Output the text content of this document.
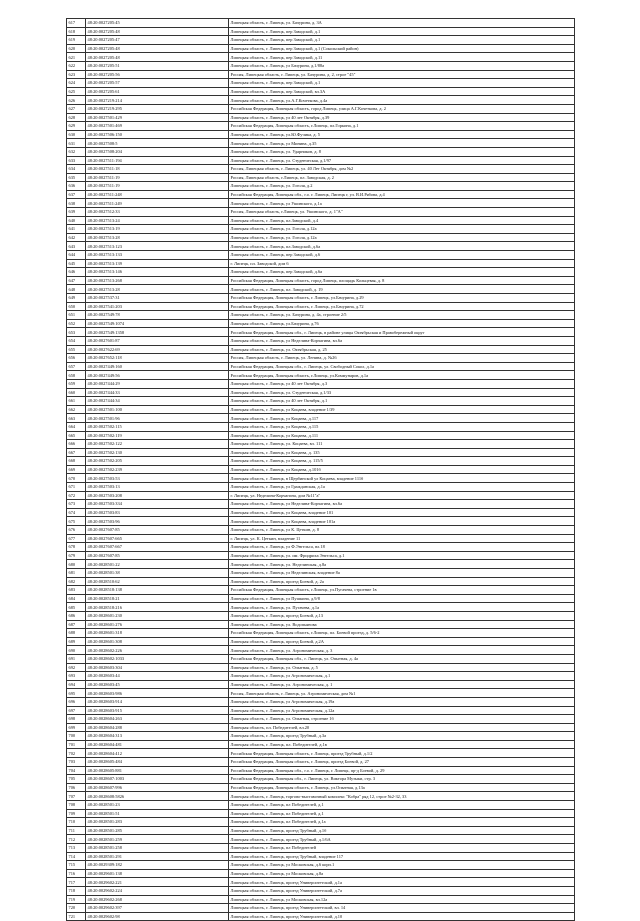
617	48:20:0027205:45	Липецкая область, г. Липецк, ул. Бачурина, д. 3А
618	48:20:0027205:48	Липецкая область, г. Липецк, пер Заводской, д.1
619	48:20:0027205:47	Липецкая область, г. Липецк, пер Заводской, д.1
620	48:20:0027205:48	Липецкая область, г. Липецк, пер Заводской, д.1 (Сокольский район)
621	48:20:0027205:48	Липецкая область, г. Липецк, пер Заводской, д.11
622	48:20:0027205:51	Липецкая область, г. Липецк, ул Бачурина, д.1/88а
623	48:20:0027205:56	Россия, Липецкая область, г. Липецк, ул. Бачурина, д. 2, строе "45"
624	48:20:0027205:57	Липецкая область, г. Липецк, пер Заводской, д.1
625	48:20:0027205:61	Липецкая область, г. Липецк, пер Заводской, вл.3А
626	48:20:0027219:214	Липецкая область, г. Липецк, ул.А.Г.Кочеткова, д.4а
627	48:20:0027219:295	Российская Федерация, Липецкая область, город Липецк, улица А.Г.Кочеткова, д. 2
628	48:20:0027501:429	Липецкая область, г. Липецк, ул 40 лет Октября, д.39
629	48:20:0027501:469	Российская Федерация, Липецкая область, г.Липецк, пл.Горкина, д.1
630	48:20:0027506:150	Липецкая область, г. Липецк, ул.Ю.Фучика, д. 5
631	48:20:0027508:5	Липецкая область, г. Липецк, ул Минина, д.35
632	48:20:0027508:204	Липецкая область, г. Липецк, ул. Ударников, д. 8
633	48:20:0027511:194	Липецкая область, г. Липецк, ул. Студенческая, д.1/97
634	48:20:0027511:18	Россия, Липецкая область, г. Липецк, ул. 40 Лет Октября, дом №2
635	48:20:0027511:19	Россия, Липецкая область, г.Липецк, пл. Заводская, д. 2
636	48:20:0027511:19	Липецкая область, г. Липецк, ул. Гоголя, д.2
637	48:20:0027511:248	Российская Федерация, Липецкая обл., г.о. г. Липецк, Липецк г, ул. В.И.Рябова, д.4
638	48:20:0027511:249	Липецкая область, г. Липецк, ул Ушинского, д.1а
639	48:20:0027512:33	Россия, Липецкая область, г.Липецк, ул. Ушинского, д. 1"А"
640	48:20:0027513:24	Липецкая область, г. Липецк, пл.Заводской, д.4
641	48:20:0027513:19	Липецкая область, г. Липецк, ул. Гоголя, д.12а
642	48:20:0027513:28	Липецкая область, г. Липецк, ул. Гоголя, д.12а
643	48:20:0027513:123	Липецкая область, г. Липецк, пл.Заводской, д.6а
644	48:20:0027513:133	Липецкая область, г. Липецк, пер Заводской, д.6
645	48:20:0027513:139	г. Липецк, пл. Заводской, дом 6
646	48:20:0027513:146	Липецкая область, г. Липецк, пер Заводской, д.6а
647	48:20:0027513:268	Российская Федерация, Липецкая область, город Липецк, площадь Кольцевая, д. 8
648	48:20:0027513:28	Липецкая область, г. Липецк, пл. Заводской, д. 19
649	48:20:0027537:31	Российская Федерация, Липецкая область, г. Липецк, ул.Бачурина, д.29
650	48:20:0027541:203	Российская Федерация, Липецкая область, г. Липецк, ул.Бачурина, д.72
651	48:20:0027549:78	Липецкая область, г. Липецк, ул. Бачурина, д. 4а, строение 2/5
652	48:20:0027549:1074	Липецкая область, г. Липецк, ул.Бачурина, д.76
653	48:20:0027549:1358	Российская Федерация, Липецкая обл., г. Липецк, в районе улицы Октябрьская и Правобережный округ
654	48:20:0027601:87	Липецкая область, г. Липецк, ул Неделина-Корчагина, вл.6а
655	48:20:0027622:69	Липецкая область, г. Липецк, ул. Октябрьская, д. 25
656	48:20:0027652:118	Россия, Липецкая область, г. Липецк, ул. Ленина, д. №26
657	48:20:0027449:160	Российская Федерация, Липецкая обл., г. Липецк, ул. Свободный Сокол, д.1а
658	48:20:0027449:56	Российская Федерация, Липецкая область, г.Липецк, ул.Коммунаров, д.1а
659	48:20:0027444:29	Липецкая область, г. Липецк, ул 40 лет Октября, д.3
660	48:20:0027444:33	Липецкая область, г. Липецк, ул. Студенческая, д.1/33
661	48:20:0027444:34	Липецкая область, г. Липецк, ул 40 лет Октября, д.1
662	48:20:0027501:100	Липецкая область, г. Липецк, ул Коцаева, владение 1/39
663	48:20:0027501:96	Липецкая область, г. Липецк, ул Коцаева, д.117
664	48:20:0027502:115	Липецкая область, г. Липецк, ул Коцаева, д.115
665	48:20:0027502:119	Липецкая область, г. Липецк, ул Коцаева, д.111
666	48:20:0027502:122	Липецкая область, г. Липецк, ул. Коцаева, вл. 111
667	48:20:0027502:130	Липецкая область, г. Липецк, ул Коцаева, д. 135
668	48:20:0027502:205	Липецкая область, г. Липецк, ул Коцаева, д. 115/5
669	48:20:0027502:239	Липецкая область, г. Липецк, ул Коцаева, д.101б
670	48:20:0027503:53	Липецкая область, г. Липецк, в Щербинской ул Коцаева, владение 111б
671	48:20:0027503:13	Липецкая область, г. Липецк, ул Гражданская, д.1а
672	48:20:0027503:208	г. Липецк, ул. Неделина-Корчагина, дом №11"а"
673	48:20:0027503:334	Липецкая область, г. Липецк, ул Неделина-Корчагина, вл.6а
674	48:20:0027503:83	Липецкая область, г. Липецк, ул Коцаева, владение 101
675	48:20:0027503:96	Липецкая область, г. Липецк, ул Коцаева, владение 101а
676	48:20:0027607:85	Липецкая область, г. Липецк, ул К. Цеткин, д. 8
677	48:20:0027607:665	г. Липецк, ул. К. Цеткин, владение 11
678	48:20:0027607:667	Липецкая область, г. Липецк, ул Ф.Энгельса, вл.18
679	48:20:0027607:85	Липецкая область, г. Липецк, ул. им. Фридриха Энгельса, д.1
680	48:20:0028501:22	Липецкая область, г. Липецк, ул. Неделинская, д.8а
681	48:20:0028501:38	Липецкая область, г. Липецк, ул Неделинская, владение 8а
682	48:20:0028510:62	Липецкая область, г. Липецк, проезд Боевой, д. 2а
683	48:20:0028518:138	Российская Федерация, Липецкая область, г.Липецк, ул.Пугачева, строение 1в
684	48:20:0028518:21	Липецкая область, г. Липецк, ул Пушкина, д.9/8
685	48:20:0028518:216	Липецкая область, г. Липецк, ул. Пугачева, д.1а
686	48:20:0028601:230	Липецкая область, г. Липецк, проезд Боевой, д.13
687	48:20:0028601:276	Липецкая область, г. Липецк, ул. Водопьянова
688	48:20:0028601:318	Российская Федерация, Липецкая область, г.Липецк, пл. Боевой проезд, д. 5/6-2
689	48:20:0028601:308	Липецкая область, г. Липецк, проезд Боевой, д.2А
690	48:20:0028602:226	Липецкая область, г. Липецк, ул. Агрономическая, д. 3
691	48:20:0028602:1033	Российская Федерация, Липецкая обл., г. Липецк, ул. Опытная, д. 4а
692	48:20:0028603:304	Липецкая область, г. Липецк, ул. Опытная, д. 5
693	48:20:0028603:44	Липецкая область, г. Липецк, ул Агрономическая, д.1
694	48:20:0028603:45	Липецкая область, г. Липецк, ул. Агрономическая, д. 1
695	48:20:0028603:986	Россия, Липецкая область, г. Липецк, ул. Агрономическая, дом №1
696	48:20:0028603:914	Липецкая область, г. Липецк, ул Агрономическая, д.19а
697	48:20:0028603:915	Липецкая область, г. Липецк, ул Агрономическая, д.12а
698	48:20:0028604:263	Липецкая область, г. Липецк, ул. Опытная, строение 1б
699	48:20:0028604:288	Липецкая область, пл. Победителей, вл.20
700	48:20:0028604:313	Липецкая область, г. Липецк, проезд Трубный, д.3а
701	48:20:0028604:481	Липецкая область, г. Липецк, пл. Победителей, д.1в
702	48:20:0028604:412	Российская Федерация, Липецкая область, г. Липецк, проезд Трубный, д.1/2
703	48:20:0028605:484	Российская Федерация, Липецкая область, г. Липецк, проезд Боевой, д. 27
704	48:20:0028605:881	Российская Федерация, Липецкая обл., г.о. г. Липецк, г. Липецк, пр-д Боевой, д. 29
705	48:20:0028607:1003	Российская Федерация, Липецкая обл., г. Липецк, ул. Виктора Музыки, стр. 3
706	48:20:0028607:996	Российская Федерация, Липецкая область, г. Липецк, ул.Опытная, д.13а
707	48:20:0028608:5826	Липецкая область, г. Липецк, торгово-выставочный комплекс "Кобра" ряд 12, строе №2-32, 33
708	48:20:0028501:23	Липецкая область, г. Липецк, пл Победителей, д.1
709	48:20:0028501:51	Липецкая область, г. Липецк, пл Победителей, д.1
710	48:20:0028501:283	Липецкая область, г. Липецк, пл Победителей, д.1а
711	48:20:0028501:285	Липецкая область, г. Липецк, проезд Трубный, д.1б
712	48:20:0028501:259	Липецкая область, г. Липецк, проезд Трубный, д.1/6А
713	48:20:0028501:258	Липецкая область, г. Липецк, пл Победителей
714	48:20:0028501:291	Липецкая область, г. Липецк, проезд Трубный, владение 117
715	48:20:0029309:182	Липецкая область, г. Липецк, ул Московская, д.6 корп.1
716	48:20:0029601:138	Липецкая область, г. Липецк, ул Московская, д.8а
717	48:20:0029602:221	Липецкая область, г. Липецк, проезд Университетский, д.1а
718	48:20:0029602:224	Липецкая область, г. Липецк, проезд Университетский, д.7а
719	48:20:0029602:268	Липецкая область, г. Липецк, ул Московская, вл.12а
720	48:20:0029602:397	Липецкая область, г. Липецк, проезд Университетский, вл. 14
721	48:20:0029602:98	Липецкая область, г. Липецк, проезд Университетский, д.10
